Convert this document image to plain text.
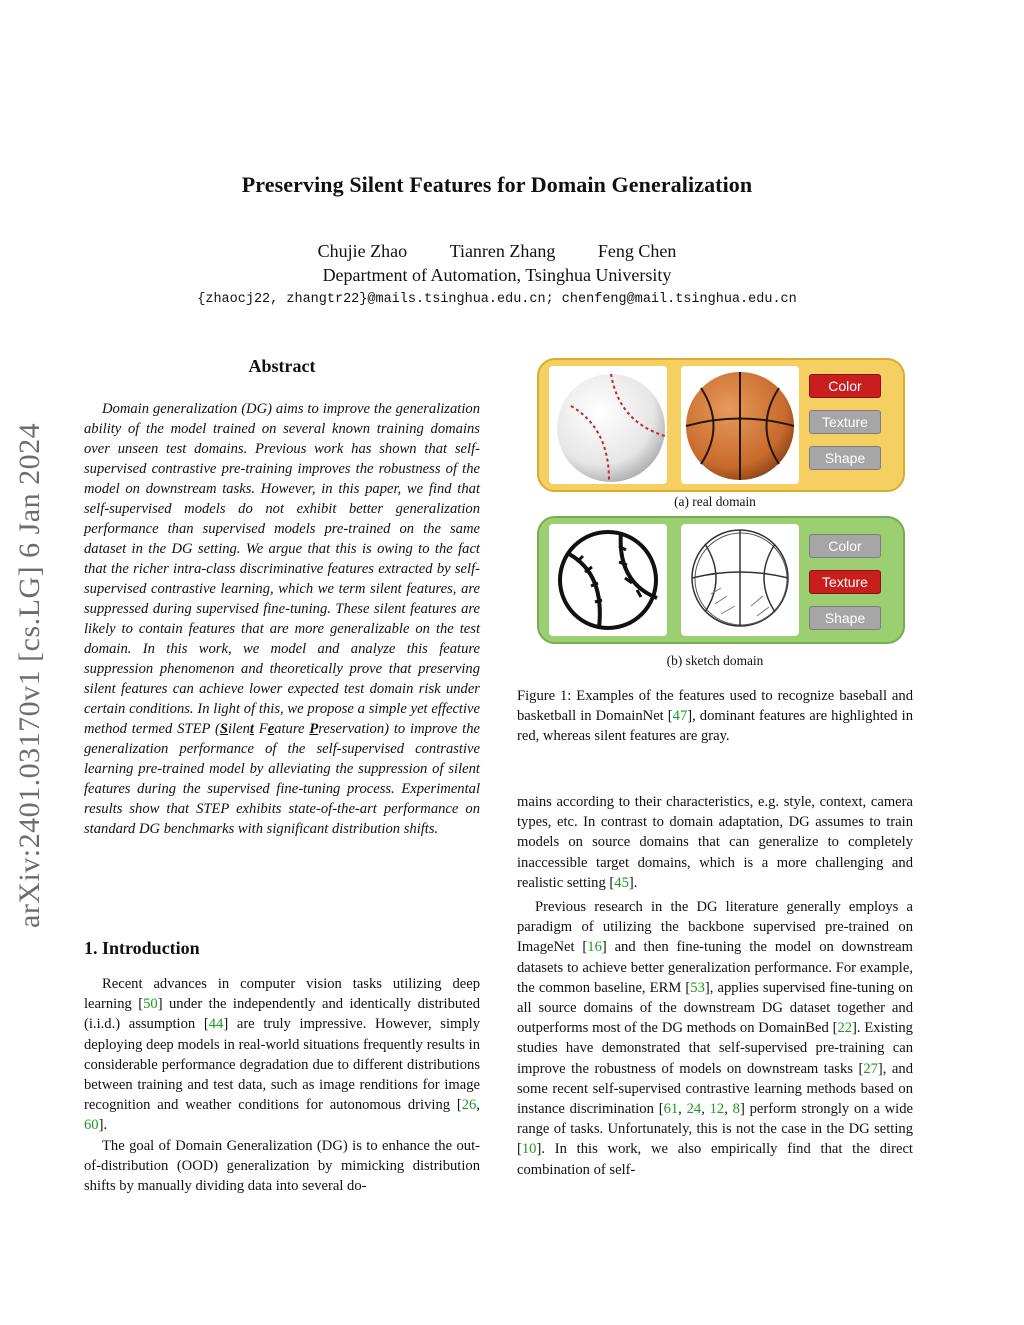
arXiv:2401.03170v1 [cs.LG] 6 Jan 2024
Preserving Silent Features for Domain Generalization
Chujie Zhao Tianren Zhang Feng Chen
Department of Automation, Tsinghua University
{zhaocj22, zhangtr22}@mails.tsinghua.edu.cn; chenfeng@mail.tsinghua.edu.cn
Abstract

Domain generalization (DG) aims to improve the generalization ability of the model trained on several known training domains over unseen test domains. Previous work has shown that self-supervised contrastive pre-training improves the robustness of the model on downstream tasks. However, in this paper, we find that self-supervised models do not exhibit better generalization performance than supervised models pre-trained on the same dataset in the DG setting. We argue that this is owing to the fact that the richer intra-class discriminative features extracted by self-supervised contrastive learning, which we term silent features, are suppressed during supervised fine-tuning. These silent features are likely to contain features that are more generalizable on the test domain. In this work, we model and analyze this feature suppression phenomenon and theoretically prove that preserving silent features can achieve lower expected test domain risk under certain conditions. In light of this, we propose a simple yet effective method termed STEP (Silent Feature Preservation) to improve the generalization performance of the self-supervised contrastive learning pre-trained model by alleviating the suppression of silent features during the supervised fine-tuning process. Experimental results show that STEP exhibits state-of-the-art performance on standard DG benchmarks with significant distribution shifts.

1. Introduction

Recent advances in computer vision tasks utilizing deep learning [50] under the independently and identically distributed (i.i.d.) assumption [44] are truly impressive. However, simply deploying deep models in real-world situations frequently results in considerable performance degradation due to different distributions between training and test data, such as image renditions for image recognition and weather conditions for autonomous driving [26, 60].

The goal of Domain Generalization (DG) is to enhance the out-of-distribution (OOD) generalization by mimicking distribution shifts by manually dividing data into several do-

Color
Texture
Shape
(a) real domain
Color
Texture
Shape
(b) sketch domain

Figure 1: Examples of the features used to recognize baseball and basketball in DomainNet [47], dominant features are highlighted in red, whereas silent features are gray.

mains according to their characteristics, e.g. style, context, camera types, etc. In contrast to domain adaptation, DG assumes to train models on source domains that can generalize to completely inaccessible target domains, which is a more challenging and realistic setting [45].

Previous research in the DG literature generally employs a paradigm of utilizing the backbone supervised pre-trained on ImageNet [16] and then fine-tuning the model on downstream datasets to achieve better generalization performance. For example, the common baseline, ERM [53], applies supervised fine-tuning on all source domains of the downstream DG dataset together and outperforms most of the DG methods on DomainBed [22]. Existing studies have demonstrated that self-supervised pre-training can improve the robustness of models on downstream tasks [27], and some recent self-supervised contrastive learning methods based on instance discrimination [61, 24, 12, 8] perform strongly on a wide range of tasks. Unfortunately, this is not the case in the DG setting [10]. In this work, we also empirically find that the direct combination of self-
